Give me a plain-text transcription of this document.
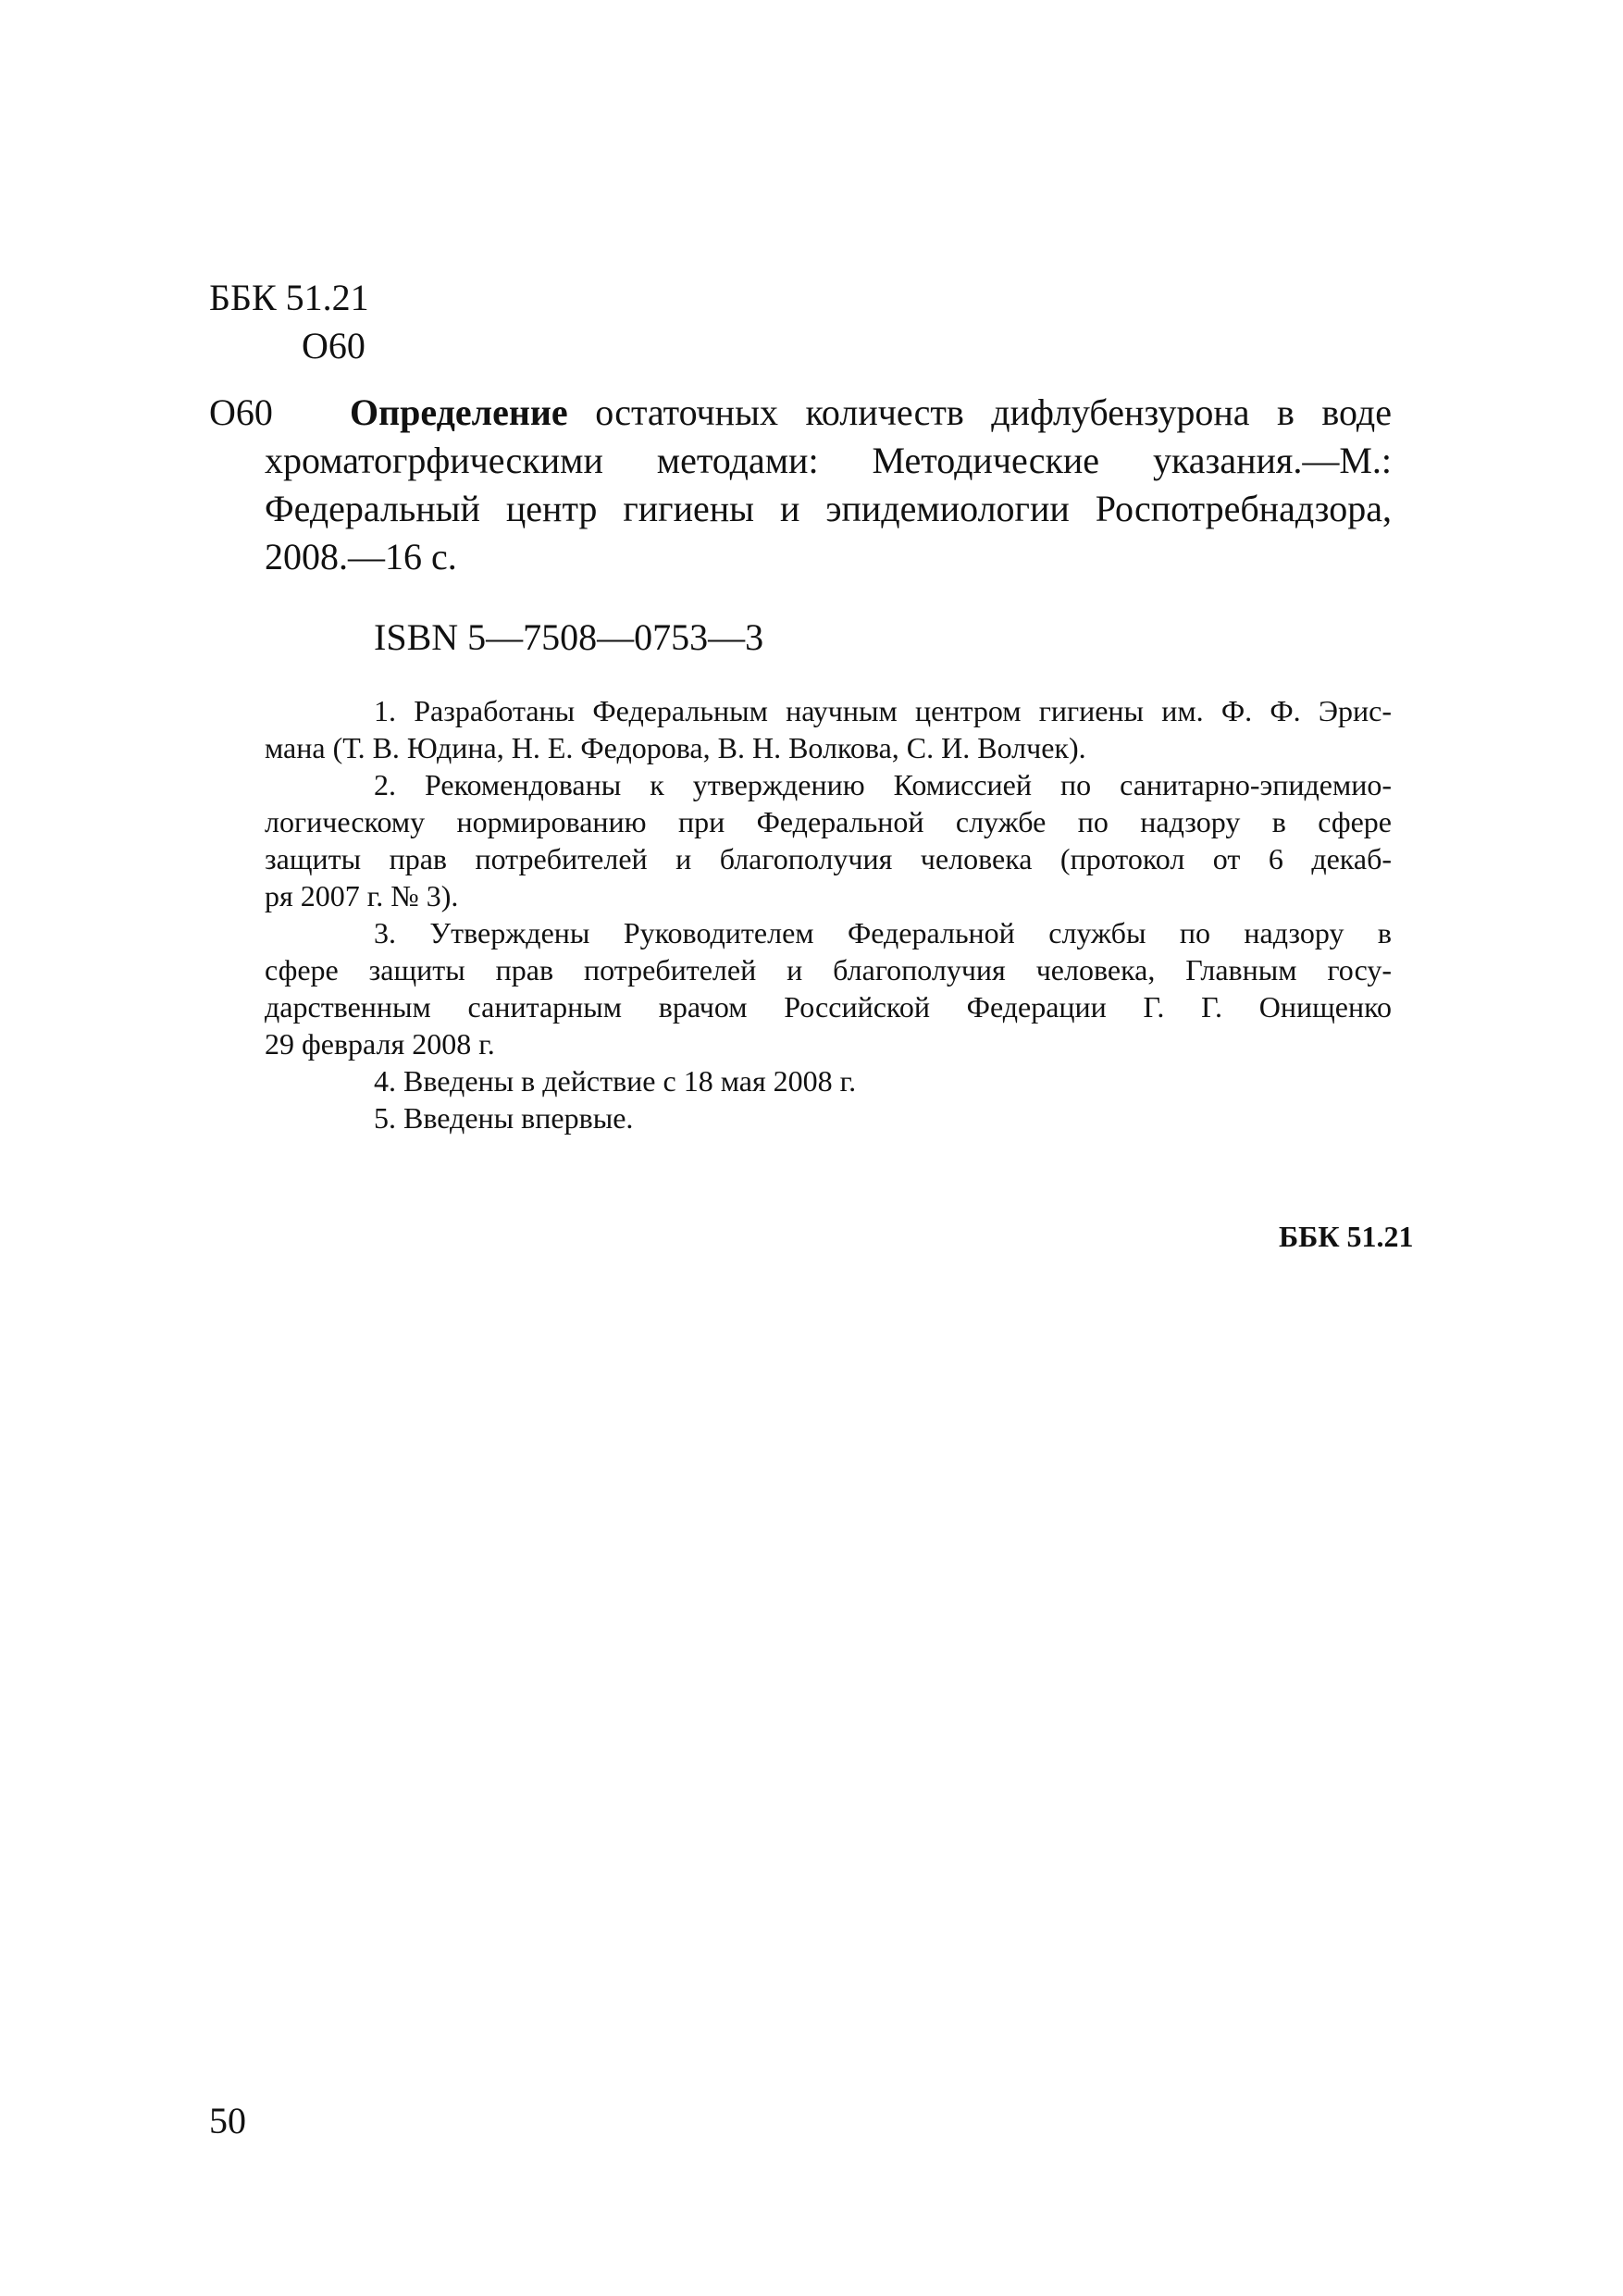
ББК 51.21
О60
О60	Определение остаточных количеств дифлубензурона в воде
хроматогрфическими методами: Методические указания.—М.:
Федеральный центр гигиены и эпидемиологии Роспотребнадзора,
2008.—16 с.
ISBN 5—7508—0753—3
1. Разработаны Федеральным научным центром гигиены им. Ф. Ф. Эрис-
мана (Т. В. Юдина, Н. Е. Федорова, В. Н. Волкова, С. И. Волчек).
2. Рекомендованы к утверждению Комиссией по санитарно-эпидемио-
логическому нормированию при Федеральной службе по надзору в сфере
защиты прав потребителей и благополучия человека (протокол от 6 декаб-
ря 2007 г. № 3).
3. Утверждены Руководителем Федеральной службы по надзору в
сфере защиты прав потребителей и благополучия человека, Главным госу-
дарственным санитарным врачом Российской Федерации Г. Г. Онищенко
29 февраля 2008 г.
4. Введены в действие с 18 мая 2008 г.
5. Введены впервые.
ББК 51.21
50
